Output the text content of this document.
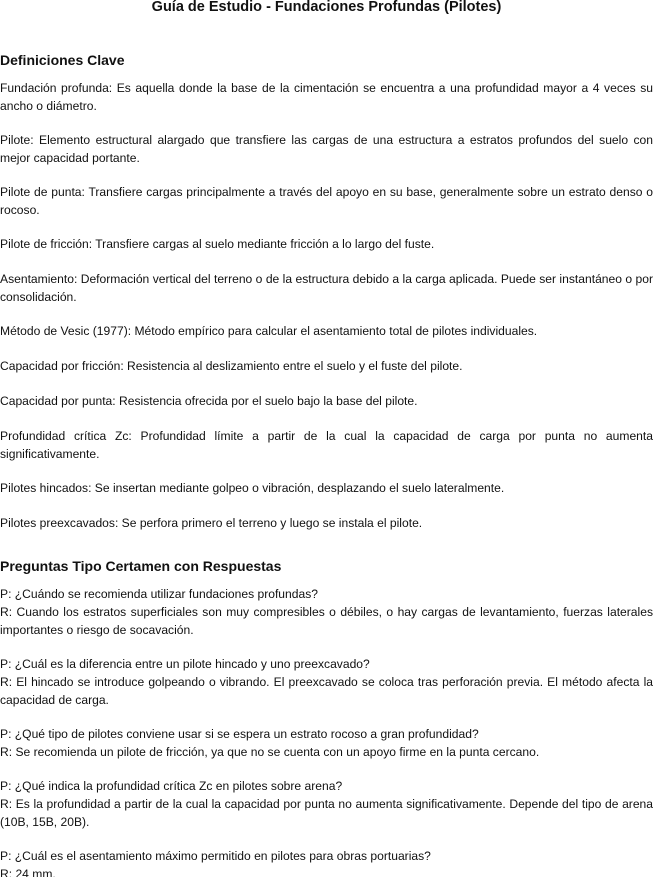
Guía de Estudio - Fundaciones Profundas (Pilotes)
Definiciones Clave

Fundación profunda: Es aquella donde la base de la cimentación se encuentra a una profundidad mayor a 4 veces su ancho o diámetro.

Pilote: Elemento estructural alargado que transfiere las cargas de una estructura a estratos profundos del suelo con mejor capacidad portante.

Pilote de punta: Transfiere cargas principalmente a través del apoyo en su base, generalmente sobre un estrato denso o rocoso.

Pilote de fricción: Transfiere cargas al suelo mediante fricción a lo largo del fuste.

Asentamiento: Deformación vertical del terreno o de la estructura debido a la carga aplicada. Puede ser instantáneo o por consolidación.

Método de Vesic (1977): Método empírico para calcular el asentamiento total de pilotes individuales.

Capacidad por fricción: Resistencia al deslizamiento entre el suelo y el fuste del pilote.

Capacidad por punta: Resistencia ofrecida por el suelo bajo la base del pilote.

Profundidad crítica Zc: Profundidad límite a partir de la cual la capacidad de carga por punta no aumenta significativamente.

Pilotes hincados: Se insertan mediante golpeo o vibración, desplazando el suelo lateralmente.

Pilotes preexcavados: Se perfora primero el terreno y luego se instala el pilote.

Preguntas Tipo Certamen con Respuestas
P: ¿Cuándo se recomienda utilizar fundaciones profundas?
R: Cuando los estratos superficiales son muy compresibles o débiles, o hay cargas de levantamiento, fuerzas laterales importantes o riesgo de socavación.
P: ¿Cuál es la diferencia entre un pilote hincado y uno preexcavado?
R: El hincado se introduce golpeando o vibrando. El preexcavado se coloca tras perforación previa. El método afecta la capacidad de carga.
P: ¿Qué tipo de pilotes conviene usar si se espera un estrato rocoso a gran profundidad?
R: Se recomienda un pilote de fricción, ya que no se cuenta con un apoyo firme en la punta cercano.
P: ¿Qué indica la profundidad crítica Zc en pilotes sobre arena?
R: Es la profundidad a partir de la cual la capacidad por punta no aumenta significativamente. Depende del tipo de arena (10B, 15B, 20B).
P: ¿Cuál es el asentamiento máximo permitido en pilotes para obras portuarias?
R: 24 mm.
